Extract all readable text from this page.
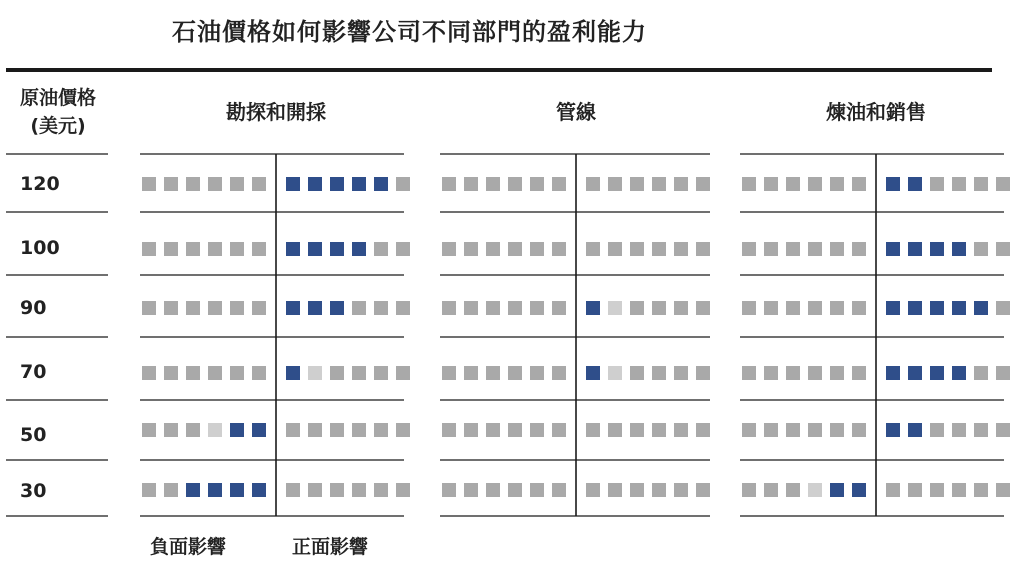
石油價格如何影響公司不同部門的盈利能力
原油價格
(美元)
勘探和開採	管線	煉油和銷售
120
100
90
70
50
30
負面影響	正面影響
